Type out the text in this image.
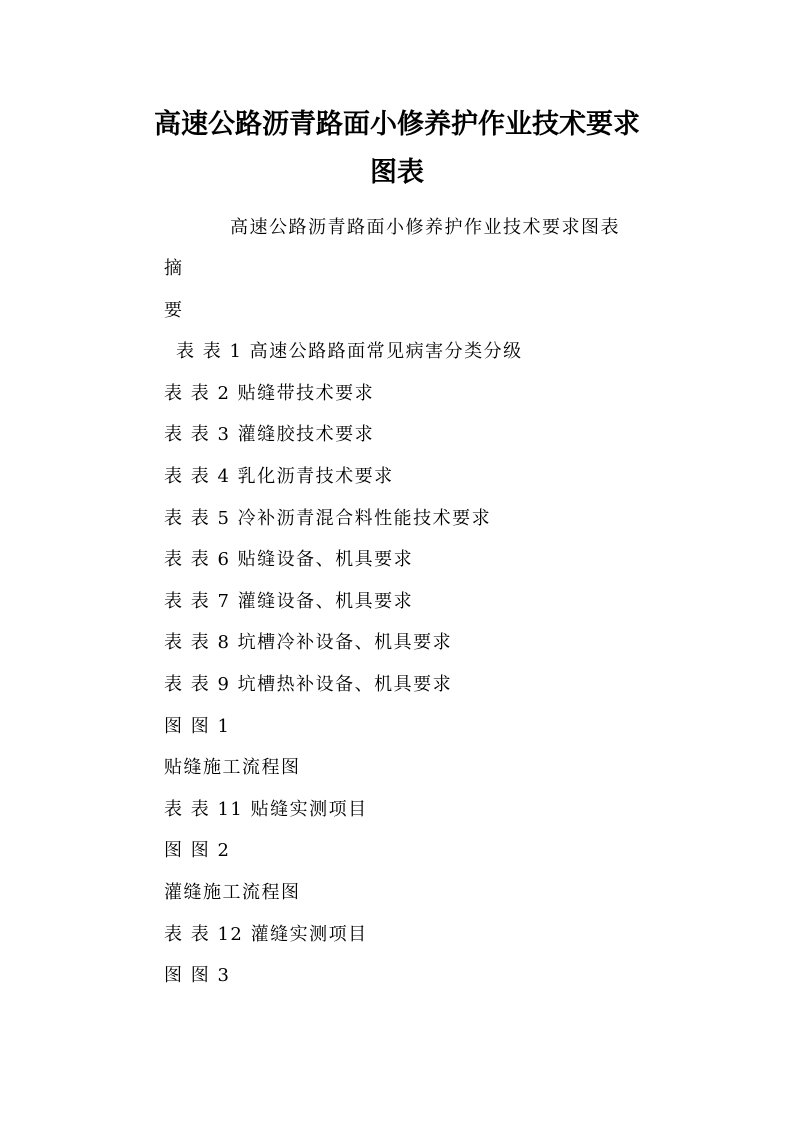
高速公路沥青路面小修养护作业技术要求
图表
高速公路沥青路面小修养护作业技术要求图表
摘
要
表 表 1 高速公路路面常见病害分类分级
表 表 2 贴缝带技术要求
表 表 3 灌缝胶技术要求
表 表 4 乳化沥青技术要求
表 表 5 冷补沥青混合料性能技术要求
表 表 6 贴缝设备、机具要求
表 表 7 灌缝设备、机具要求
表 表 8 坑槽冷补设备、机具要求
表 表 9 坑槽热补设备、机具要求
图 图 1
贴缝施工流程图
表 表 11 贴缝实测项目
图 图 2
灌缝施工流程图
表 表 12 灌缝实测项目
图 图 3
